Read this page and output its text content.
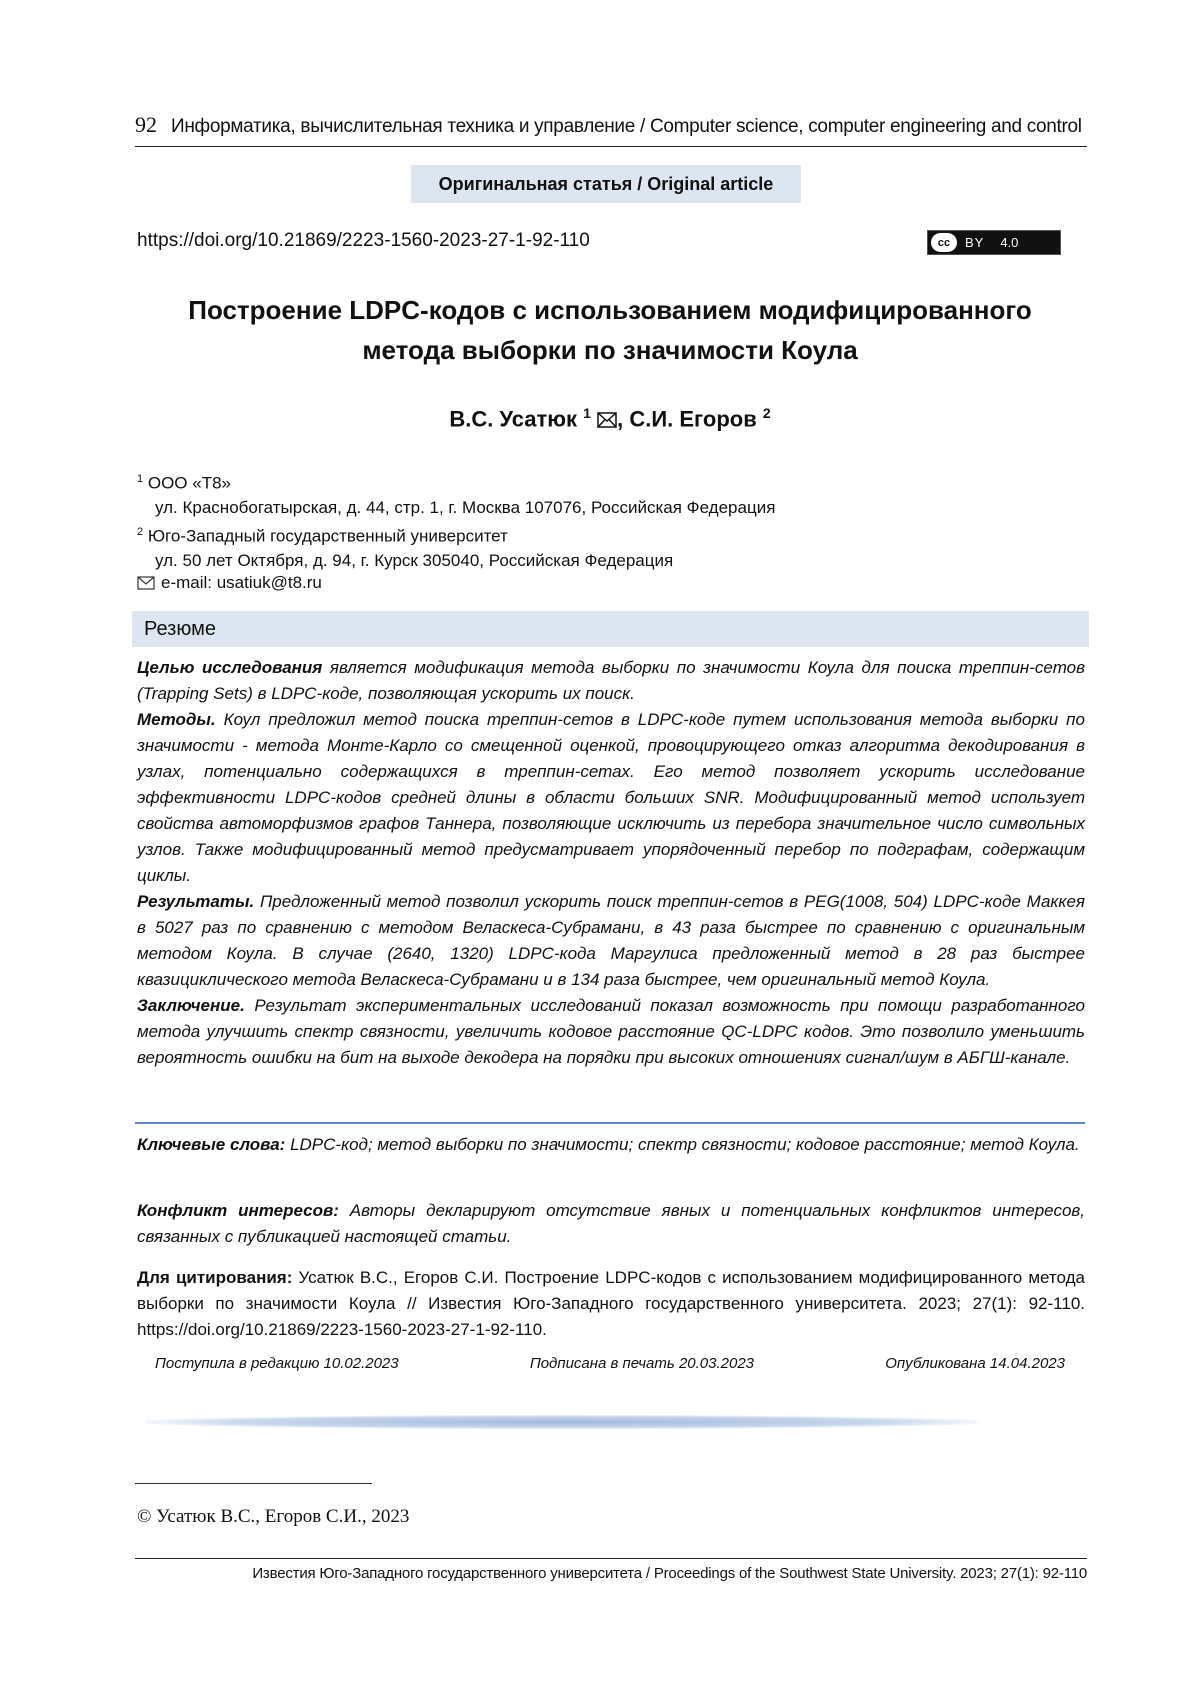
92 Информатика, вычислительная техника и управление / Computer science, computer engineering and control
Оригинальная статья / Original article
https://doi.org/10.21869/2223-1560-2023-27-1-92-110	cc	BY 4.0
Построение LDPC-кодов с использованием модифицированного
метода выборки по значимости Коула
В.С. Усатюк $^1$ , С.И. Егоров $^2$
$^1$ ООО «Т8»
ул. Краснобогатырская, д. 44, стр. 1, г. Москва 107076, Российская Федерация
$^2$ Юго-Западный государственный университет
ул. 50 лет Октября, д. 94, г. Курск 305040, Российская Федерация
e-mail: usatiuk@t8.ru
Резюме

Целью исследования является модификация метода выборки по значимости Коула для поиска треппин-сетов (Trapping Sets) в LDPC-коде, позволяющая ускорить их поиск.

Методы. Коул предложил метод поиска треппин-сетов в LDPC-коде путем использования метода выборки по значимости - метода Монте-Карло со смещенной оценкой, провоцирующего отказ алгоритма декодирования в узлах, потенциально содержащихся в треппин-сетах. Его метод позволяет ускорить исследование эффективности LDPC-кодов средней длины в области больших SNR. Модифицированный метод использует свойства автоморфизмов графов Таннера, позволяющие исключить из перебора значительное число символьных узлов. Также модифицированный метод предусматривает упорядоченный перебор по подграфам, содержащим циклы.

Результаты. Предложенный метод позволил ускорить поиск треппин-сетов в PEG(1008, 504) LDPC-коде Маккея в 5027 раз по сравнению с методом Веласкеса-Субрамани, в 43 раза быстрее по сравнению с оригинальным методом Коула. В случае (2640, 1320) LDPC-кода Маргулиса предложенный метод в 28 раз быстрее квазициклического метода Веласкеса-Субрамани и в 134 раза быстрее, чем оригинальный метод Коула.

Заключение. Результат экспериментальных исследований показал возможность при помощи разработанного метода улучшить спектр связности, увеличить кодовое расстояние QC-LDPC кодов. Это позволило уменьшить вероятность ошибки на бит на выходе декодера на порядки при высоких отношениях сигнал/шум в АБГШ-канале.

Ключевые слова: LDPC-код; метод выборки по значимости; спектр связности; кодовое расстояние; метод Коула.
Конфликт интересов: Авторы декларируют отсутствие явных и потенциальных конфликтов интересов, связанных с публикацией настоящей статьи.
Для цитирования: Усатюк В.С., Егоров С.И. Построение LDPC-кодов с использованием модифицированного метода выборки по значимости Коула // Известия Юго-Западного государственного университета. 2023; 27(1): 92-110. https://doi.org/10.21869/2223-1560-2023-27-1-92-110.
Поступила в редакцию 10.02.2023	Подписана в печать 20.03.2023	Опубликована 14.04.2023
© Усатюк В.С., Егоров С.И., 2023
Известия Юго-Западного государственного университета / Proceedings of the Southwest State University. 2023; 27(1): 92-110
